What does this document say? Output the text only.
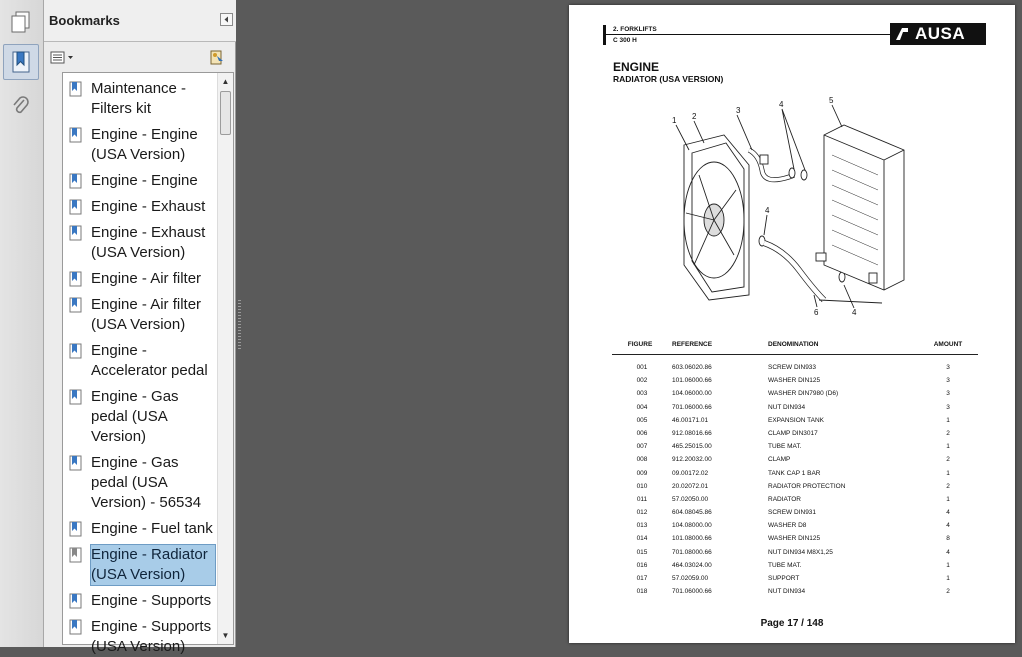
Bookmarks
Maintenance - Filters kit
Engine - Engine (USA Version)
Engine - Engine
Engine - Exhaust
Engine - Exhaust (USA Version)
Engine - Air filter
Engine - Air filter (USA Version)
Engine - Accelerator pedal
Engine - Gas pedal (USA Version)
Engine - Gas pedal (USA Version) - 56534
Engine - Fuel tank
Engine - Radiator (USA Version)
Engine - Supports
Engine - Supports (USA Version)
▲
▼
2. FORKLIFTS
C 300 H	AUSA
ENGINE
RADIATOR (USA VERSION)
1 2
3
4	5
4
6	4
FIGURE	REFERENCE	DENOMINATION	AMOUNT
001	603.06020.86	SCREW DIN933	3
002	101.06000.66	WASHER DIN125	3
003	104.06000.00	WASHER DIN7980 (D6)	3
004	701.06000.66	NUT DIN934	3
005	46.00171.01	EXPANSION TANK	1
006	912.08016.66	CLAMP DIN3017	2
007	465.25015.00	TUBE MAT.	1
008	912.20032.00	CLAMP	2
009	09.00172.02	TANK CAP 1 BAR	1
010	20.02072.01	RADIATOR PROTECTION	2
011	57.02050.00	RADIATOR	1
012	604.08045.86	SCREW DIN931	4
013	104.08000.00	WASHER D8	4
014	101.08000.66	WASHER DIN125	8
015	701.08000.66	NUT DIN934 M8X1,25	4
016	464.03024.00	TUBE MAT.	1
017	57.02059.00	SUPPORT	1
018	701.06000.66	NUT DIN934	2
Page 17 / 148
